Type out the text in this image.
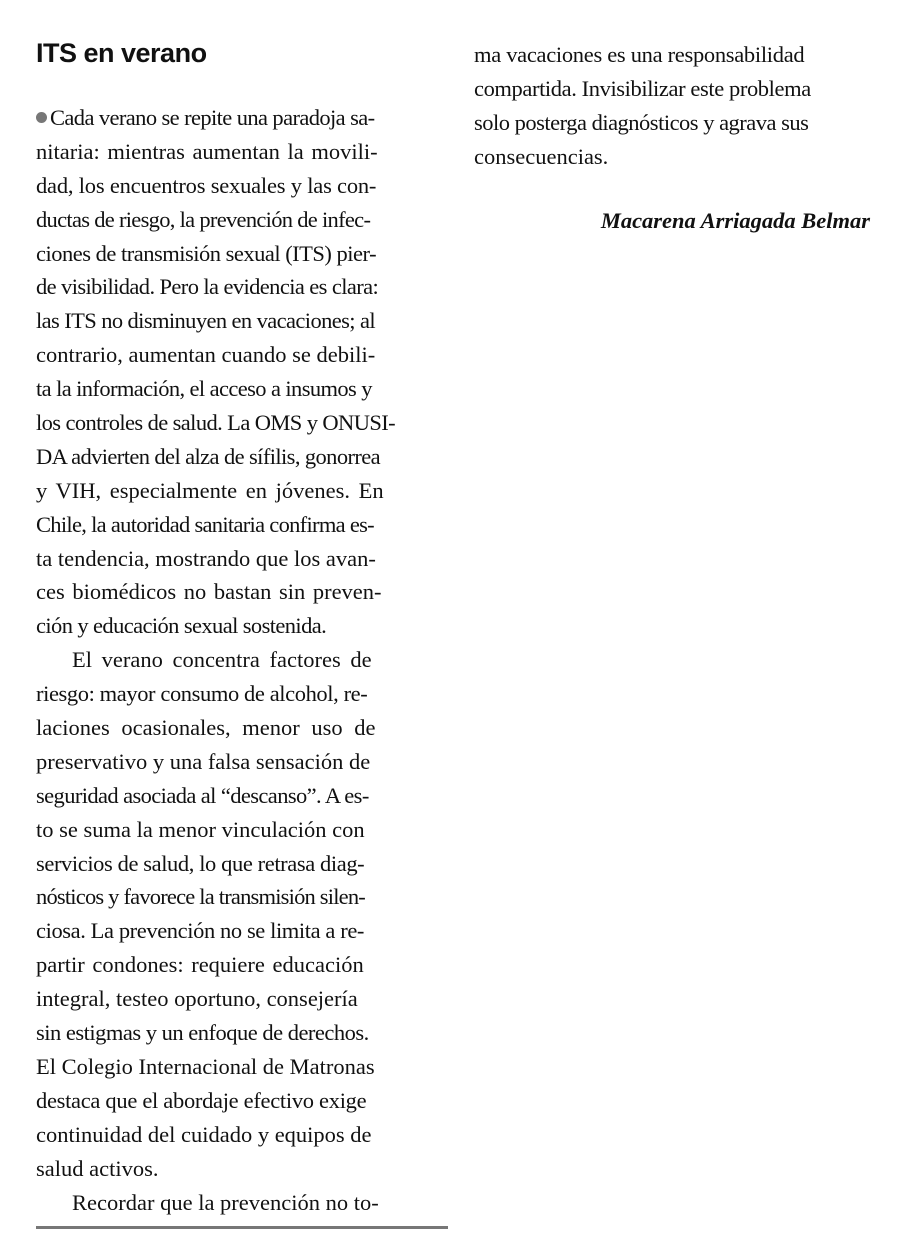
ITS en verano
Cada verano se repite una paradoja sa-
nitaria: mientras aumentan la movili-
dad, los encuentros sexuales y las con-
ductas de riesgo, la prevención de infec-
ciones de transmisión sexual (ITS) pier-
de visibilidad. Pero la evidencia es clara:
las ITS no disminuyen en vacaciones; al
contrario, aumentan cuando se debili-
ta la información, el acceso a insumos y
los controles de salud. La OMS y ONUSI-
DA advierten del alza de sífilis, gonorrea
y VIH, especialmente en jóvenes. En
Chile, la autoridad sanitaria confirma es-
ta tendencia, mostrando que los avan-
ces biomédicos no bastan sin preven-
ción y educación sexual sostenida.
El verano concentra factores de
riesgo: mayor consumo de alcohol, re-
laciones ocasionales, menor uso de
preservativo y una falsa sensación de
seguridad asociada al “descanso”. A es-
to se suma la menor vinculación con
servicios de salud, lo que retrasa diag-
nósticos y favorece la transmisión silen-
ciosa. La prevención no se limita a re-
partir condones: requiere educación
integral, testeo oportuno, consejería
sin estigmas y un enfoque de derechos.
El Colegio Internacional de Matronas
destaca que el abordaje efectivo exige
continuidad del cuidado y equipos de
salud activos.
Recordar que la prevención no to-
ma vacaciones es una responsabilidad
compartida. Invisibilizar este problema
solo posterga diagnósticos y agrava sus
consecuencias.
Macarena Arriagada Belmar
